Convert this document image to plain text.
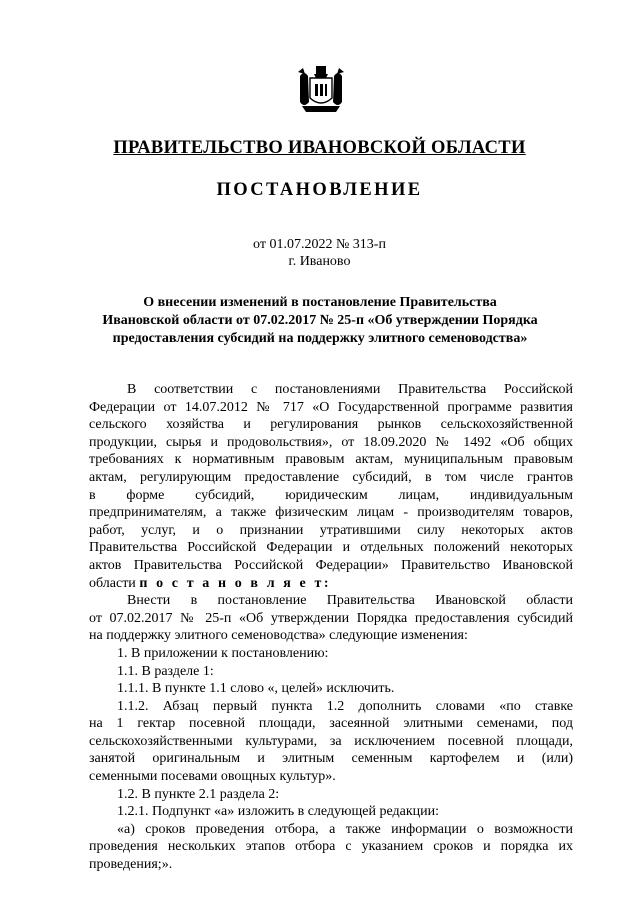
ПРАВИТЕЛЬСТВО ИВАНОВСКОЙ ОБЛАСТИ
ПОСТАНОВЛЕНИЕ
от 01.07.2022 № 313-п
г. Иваново
О внесении изменений в постановление Правительства
Ивановской области от 07.02.2017 № 25-п «Об утверждении Порядка
предоставления субсидий на поддержку элитного семеноводства»
В соответствии с постановлениями Правительства Российской
Федерации от 14.07.2012 № 717 «О Государственной программе развития
сельского хозяйства и регулирования рынков сельскохозяйственной
продукции, сырья и продовольствия», от 18.09.2020 № 1492 «Об общих
требованиях к нормативным правовым актам, муниципальным правовым
актам, регулирующим предоставление субсидий, в том числе грантов
в форме субсидий, юридическим лицам, индивидуальным
предпринимателям, а также физическим лицам - производителям товаров,
работ, услуг, и о признании утратившими силу некоторых актов
Правительства Российской Федерации и отдельных положений некоторых
актов Правительства Российской Федерации» Правительство Ивановской
области п о с т а н о в л я е т:
Внести в постановление Правительства Ивановской области
от 07.02.2017 № 25-п «Об утверждении Порядка предоставления субсидий
на поддержку элитного семеноводства» следующие изменения:
1. В приложении к постановлению:
1.1. В разделе 1:
1.1.1. В пункте 1.1 слово «, целей» исключить.
1.1.2. Абзац первый пункта 1.2 дополнить словами «по ставке
на 1 гектар посевной площади, засеянной элитными семенами, под
сельскохозяйственными культурами, за исключением посевной площади,
занятой оригинальным и элитным семенным картофелем и (или)
семенными посевами овощных культур».
1.2. В пункте 2.1 раздела 2:
1.2.1. Подпункт «а» изложить в следующей редакции:
«а) сроков проведения отбора, а также информации о возможности
проведения нескольких этапов отбора с указанием сроков и порядка их
проведения;».
